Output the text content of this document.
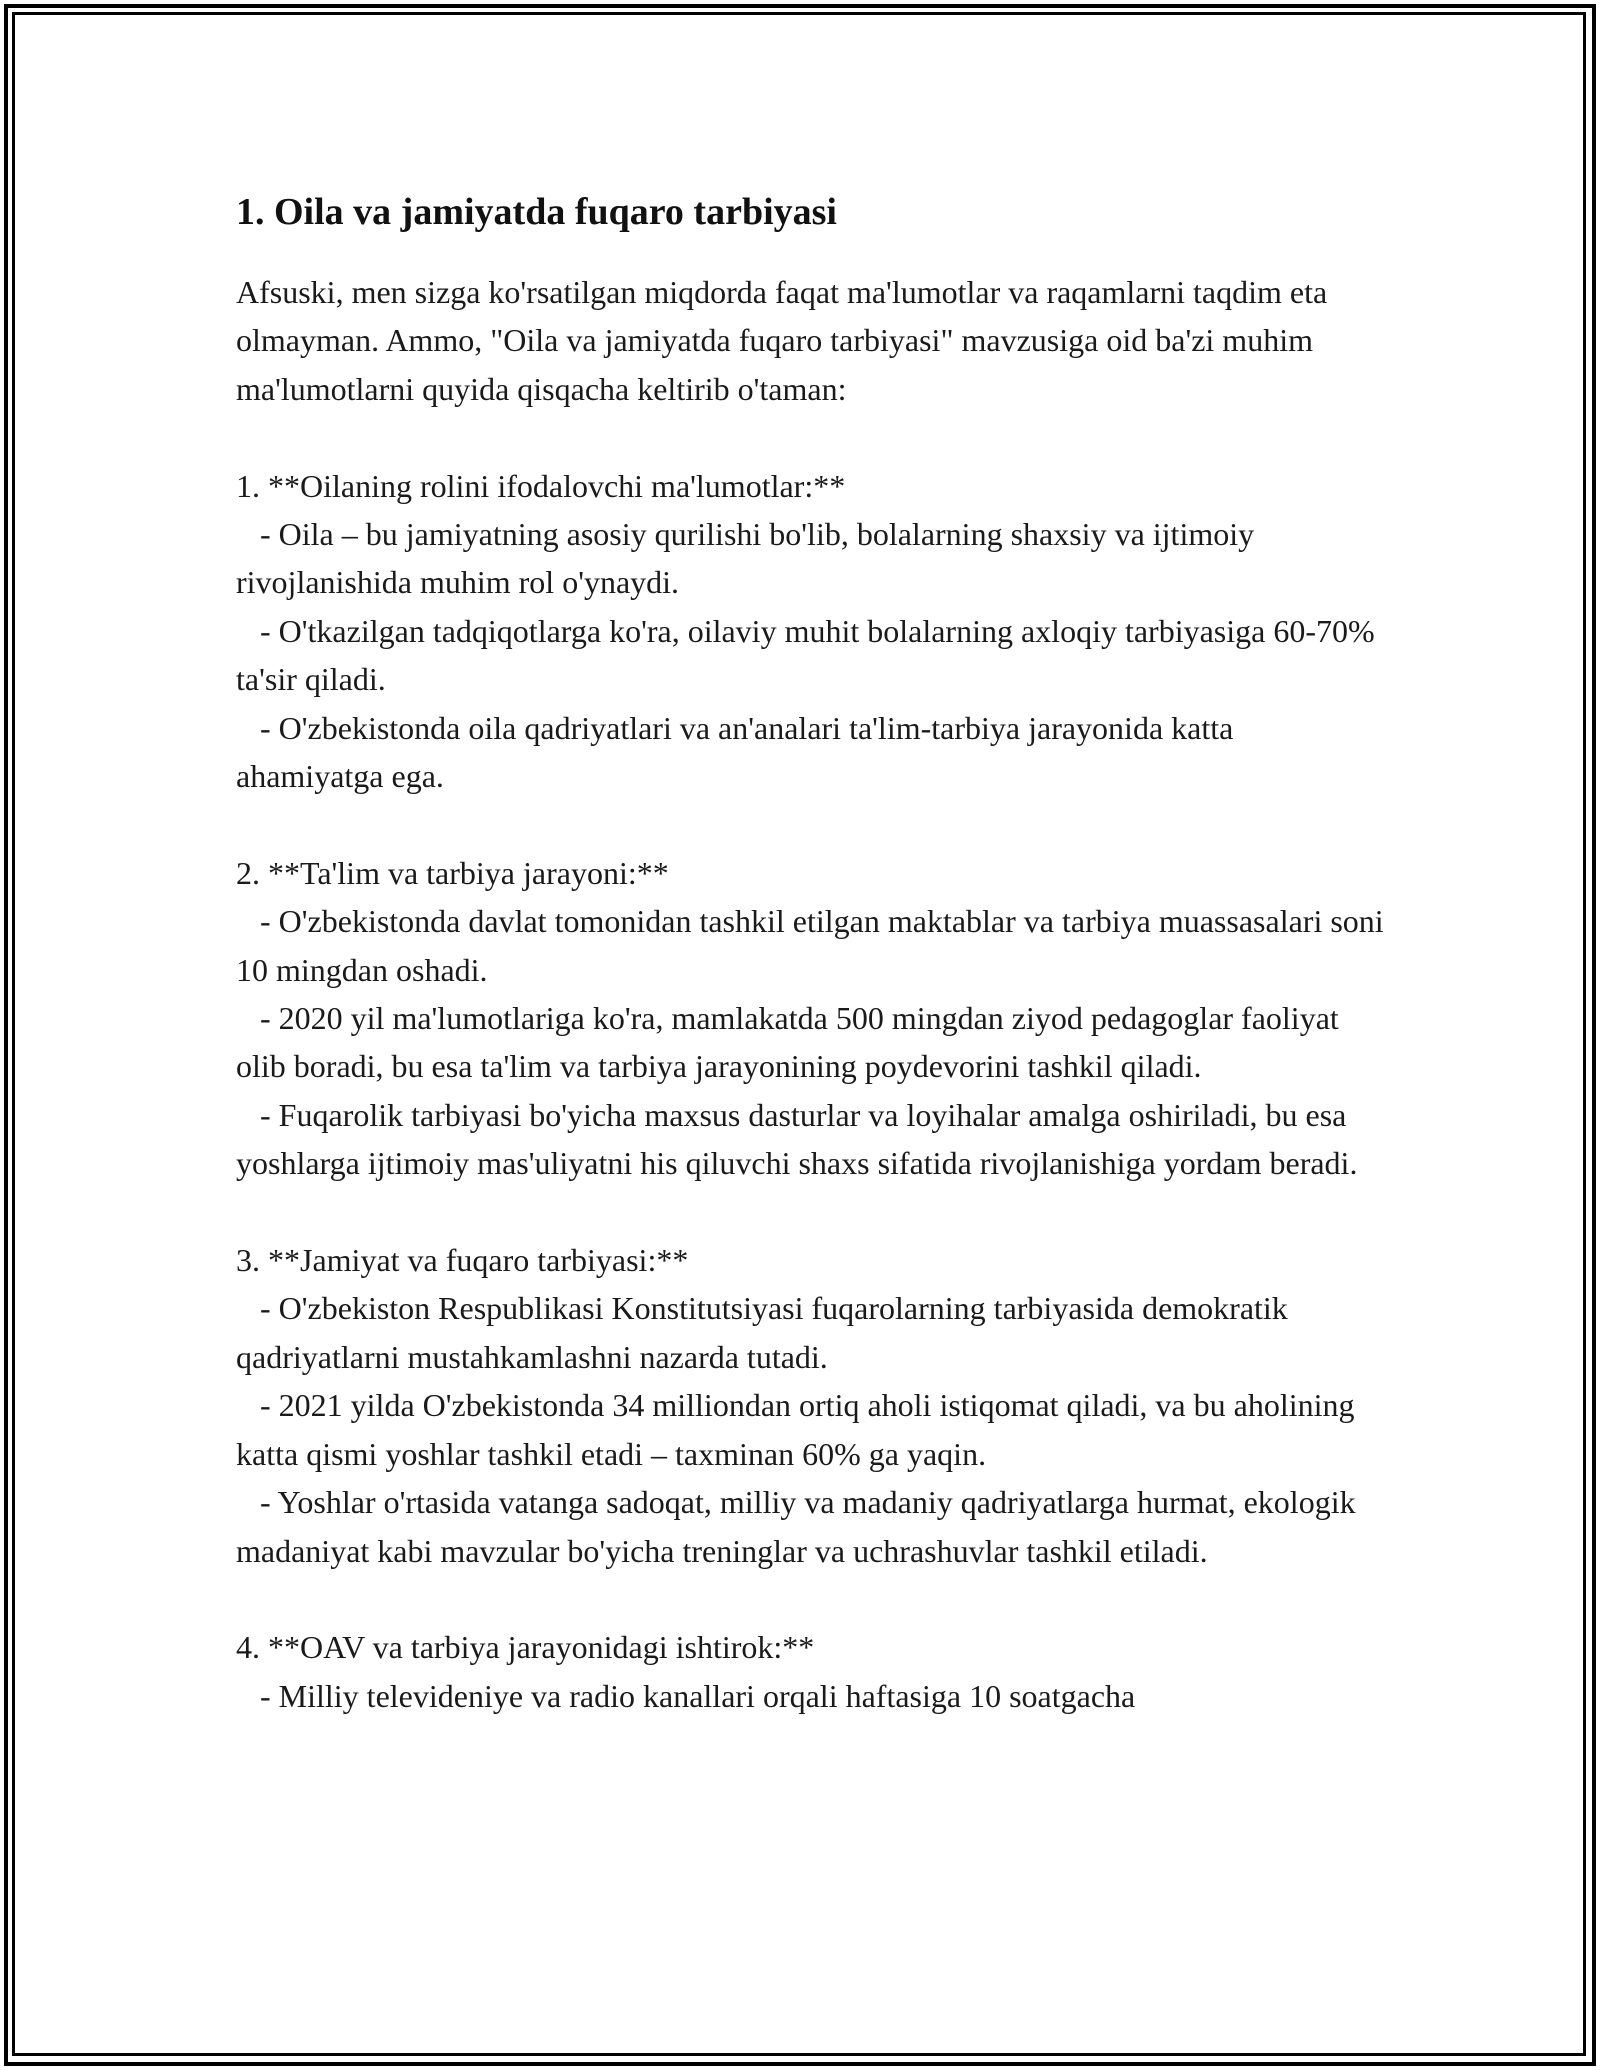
1. Oila va jamiyatda fuqaro tarbiyasi

Afsuski, men sizga ko'rsatilgan miqdorda faqat ma'lumotlar va raqamlarni taqdim eta olmayman. Ammo, "Oila va jamiyatda fuqaro tarbiyasi" mavzusiga oid ba'zi muhim ma'lumotlarni quyida qisqacha keltirib o'taman:

1. **Oilaning rolini ifodalovchi ma'lumotlar:**

- Oila – bu jamiyatning asosiy qurilishi bo'lib, bolalarning shaxsiy va ijtimoiy rivojlanishida muhim rol o'ynaydi.

- O'tkazilgan tadqiqotlarga ko'ra, oilaviy muhit bolalarning axloqiy tarbiyasiga 60-70% ta'sir qiladi.

- O'zbekistonda oila qadriyatlari va an'analari ta'lim-tarbiya jarayonida katta ahamiyatga ega.

2. **Ta'lim va tarbiya jarayoni:**

- O'zbekistonda davlat tomonidan tashkil etilgan maktablar va tarbiya muassasalari soni 10 mingdan oshadi.

- 2020 yil ma'lumotlariga ko'ra, mamlakatda 500 mingdan ziyod pedagoglar faoliyat olib boradi, bu esa ta'lim va tarbiya jarayonining poydevorini tashkil qiladi.

- Fuqarolik tarbiyasi bo'yicha maxsus dasturlar va loyihalar amalga oshiriladi, bu esa yoshlarga ijtimoiy mas'uliyatni his qiluvchi shaxs sifatida rivojlanishiga yordam beradi.

3. **Jamiyat va fuqaro tarbiyasi:**

- O'zbekiston Respublikasi Konstitutsiyasi fuqarolarning tarbiyasida demokratik qadriyatlarni mustahkamlashni nazarda tutadi.

- 2021 yilda O'zbekistonda 34 milliondan ortiq aholi istiqomat qiladi, va bu aholining katta qismi yoshlar tashkil etadi – taxminan 60% ga yaqin.

- Yoshlar o'rtasida vatanga sadoqat, milliy va madaniy qadriyatlarga hurmat, ekologik madaniyat kabi mavzular bo'yicha treninglar va uchrashuvlar tashkil etiladi.

4. **OAV va tarbiya jarayonidagi ishtirok:**

- Milliy televideniye va radio kanallari orqali haftasiga 10 soatgacha
